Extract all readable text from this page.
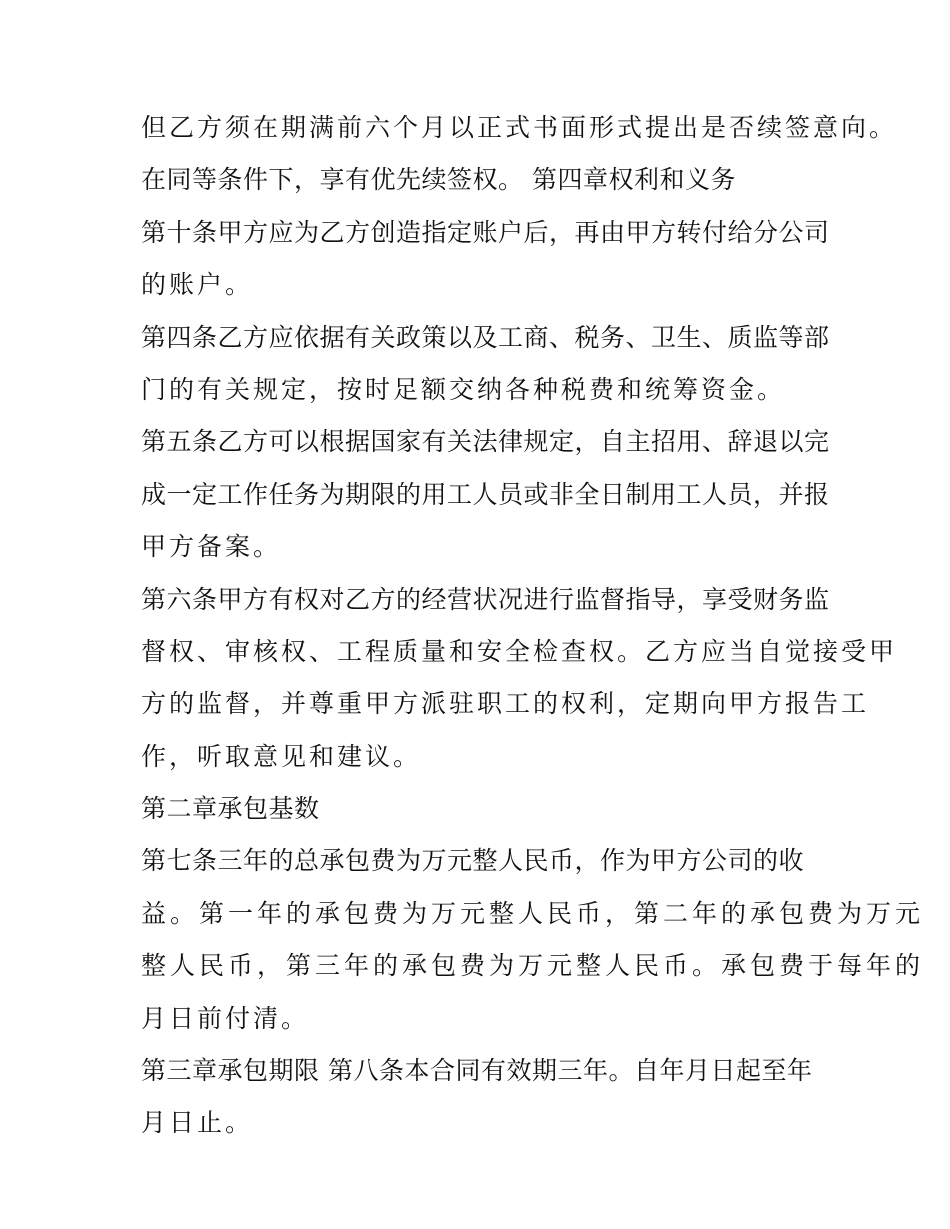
但乙方须在期满前六个月以正式书面形式提出是否续签意向。
在同等条件下，享有优先续签权。 第四章权利和义务
第十条甲方应为乙方创造指定账户后，再由甲方转付给分公司
的账户。
第四条乙方应依据有关政策以及工商、税务、卫生、质监等部
门的有关规定，按时足额交纳各种税费和统筹资金。
第五条乙方可以根据国家有关法律规定，自主招用、辞退以完
成一定工作任务为期限的用工人员或非全日制用工人员，并报
甲方备案。
第六条甲方有权对乙方的经营状况进行监督指导，享受财务监
督权、审核权、工程质量和安全检查权。乙方应当自觉接受甲
方的监督，并尊重甲方派驻职工的权利，定期向甲方报告工
作，听取意见和建议。
第二章承包基数
第七条三年的总承包费为万元整人民币，作为甲方公司的收
益。第一年的承包费为万元整人民币，第二年的承包费为万元
整人民币，第三年的承包费为万元整人民币。承包费于每年的
月日前付清。
第三章承包期限 第八条本合同有效期三年。自年月日起至年
月日止。
